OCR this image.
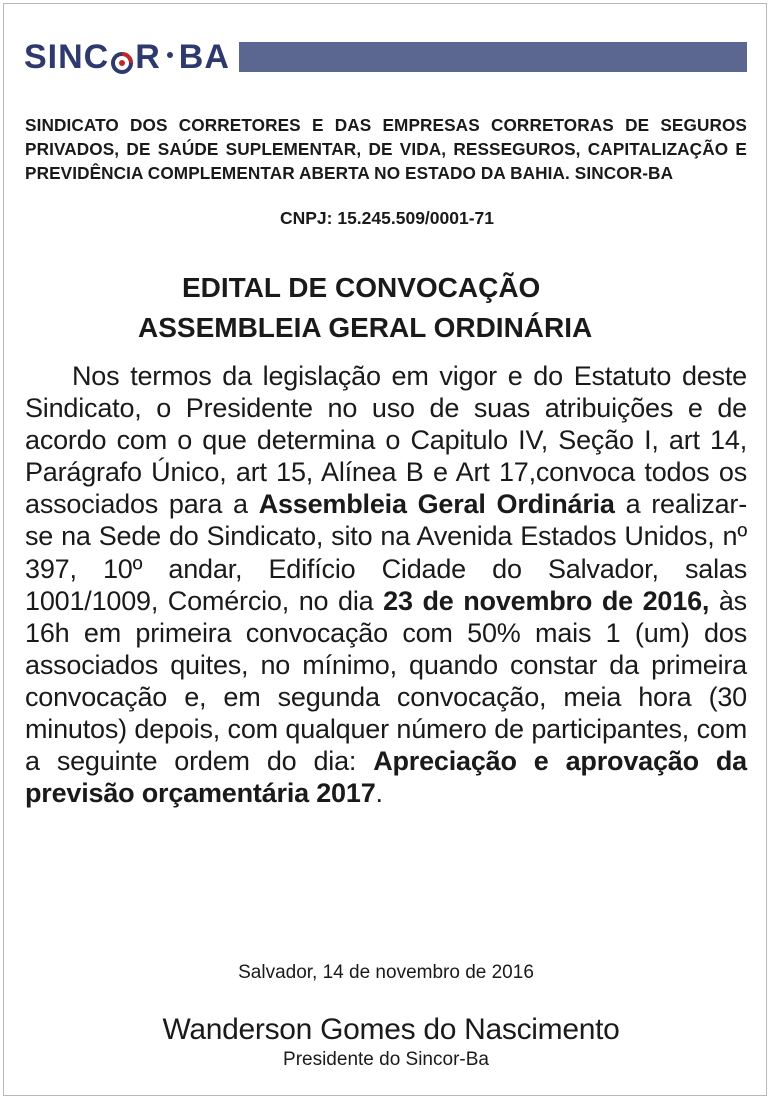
SINC R BA
SINDICATO DOS CORRETORES E DAS EMPRESAS CORRETORAS DE SEGUROS PRIVADOS, DE SAÚDE SUPLEMENTAR, DE VIDA, RESSEGUROS, CAPITALIZAÇÃO E PREVIDÊNCIA COMPLEMENTAR ABERTA NO ESTADO DA BAHIA. SINCOR-BA
CNPJ: 15.245.509/0001-71
EDITAL DE CONVOCAÇÃO
ASSEMBLEIA GERAL ORDINÁRIA
Nos termos da legislação em vigor e do Estatuto deste Sindicato, o Presidente no uso de suas atribuições e de acordo com o que determina o Capitulo IV, Seção I, art 14, Parágrafo Único, art 15, Alínea B e Art 17,convoca todos os associados para a Assembleia Geral Ordinária a realizar-se na Sede do Sindicato, sito na Avenida Estados Unidos, nº 397, 10º andar, Edifício Cidade do Salvador, salas 1001/1009, Comércio, no dia 23 de novembro de 2016, às 16h em primeira convocação com 50% mais 1 (um) dos associados quites, no mínimo, quando constar da primeira convocação e, em segunda convocação, meia hora (30 minutos) depois, com qualquer número de participantes, com a seguinte ordem do dia: Apreciação e aprovação da previsão orçamentária 2017.
Salvador, 14 de novembro de 2016
Wanderson Gomes do Nascimento
Presidente do Sincor-Ba
